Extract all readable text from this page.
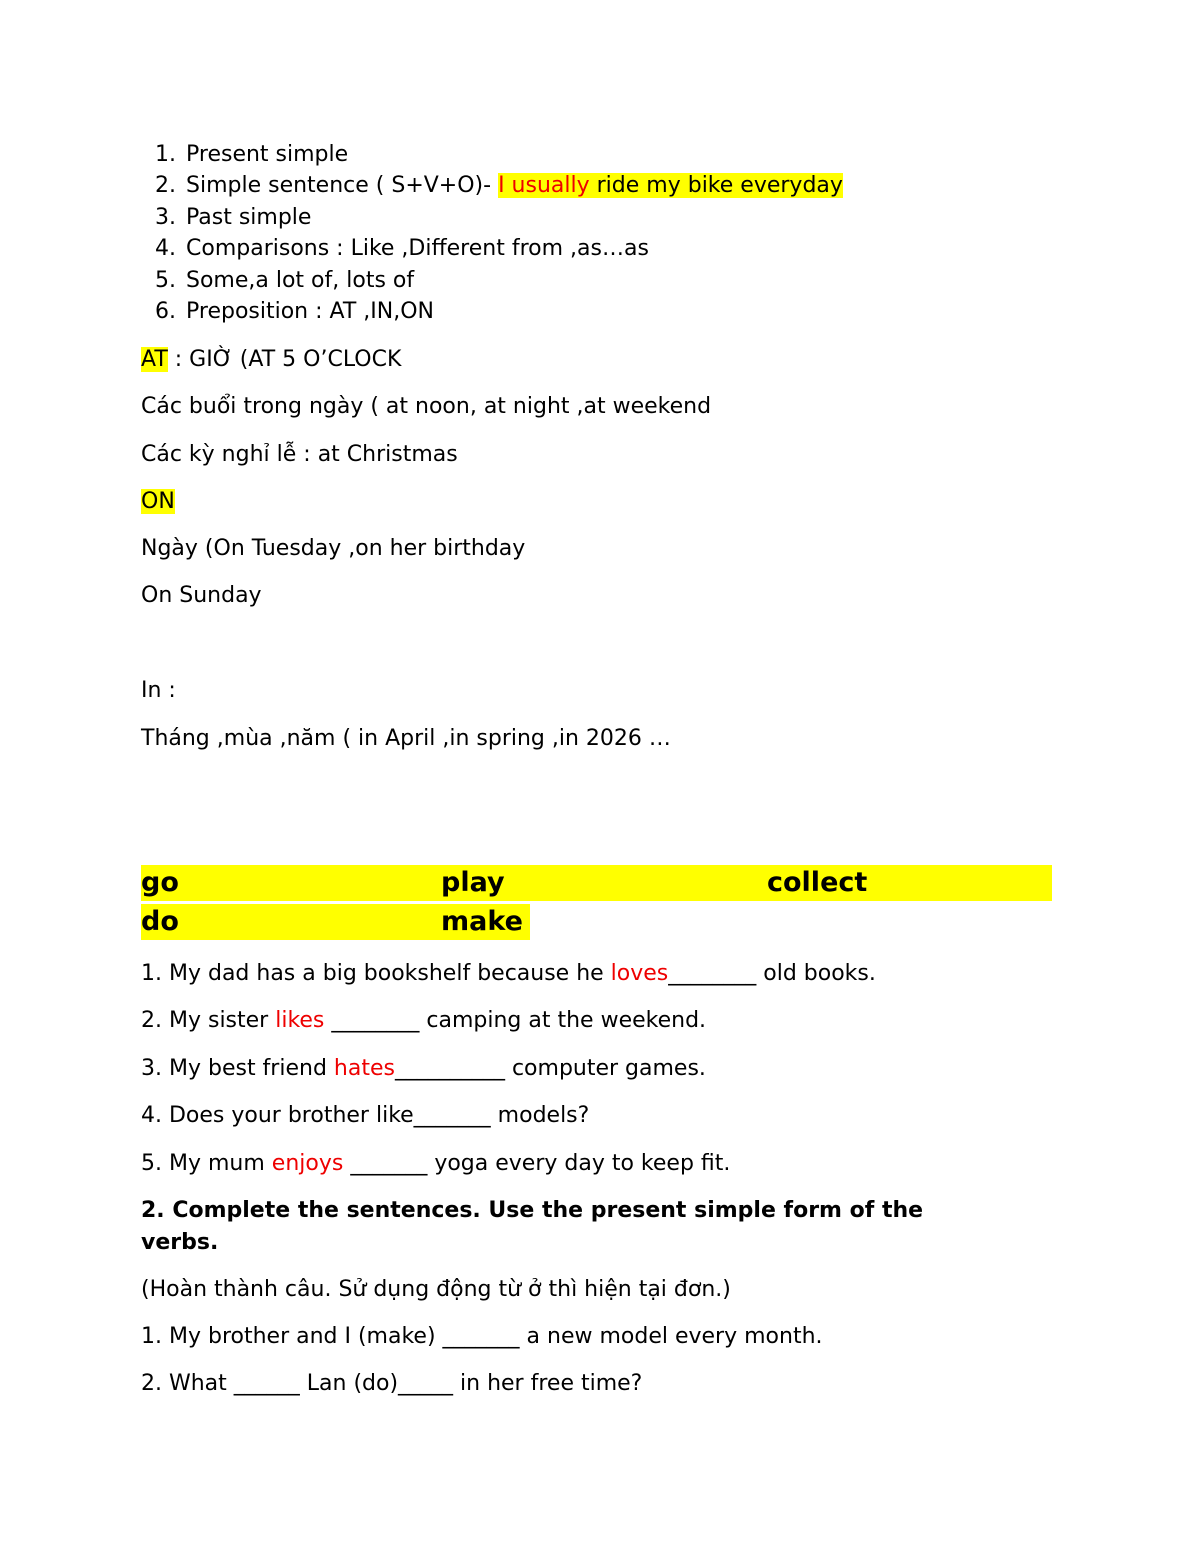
1. Present simple
2. Simple sentence ( S+V+O)- I usually ride my bike everyday
3. Past simple
4. Comparisons : Like ,Different from ,as…as
5. Some,a lot of, lots of
6. Preposition : AT ,IN,ON
AT : GIỜ (AT 5 O’CLOCK
Các buổi trong ngày ( at noon, at night ,at weekend
Các kỳ nghỉ lễ : at Christmas
ON
Ngày (On Tuesday ,on her birthday
On Sunday
In :
Tháng ,mùa ,năm ( in April ,in spring ,in 2026 …
go	play	collect
do	make
1. My dad has a big bookshelf because he loves________ old books.
2. My sister likes ________ camping at the weekend.
3. My best friend hates__________ computer games.
4. Does your brother like_______ models?
5. My mum enjoys _______ yoga every day to keep fit.
2. Complete the sentences. Use the present simple form of the
verbs.
(Hoàn thành câu. Sử dụng động từ ở thì hiện tại đơn.)
1. My brother and I (make) _______ a new model every month.
2. What ______ Lan (do)_____ in her free time?
